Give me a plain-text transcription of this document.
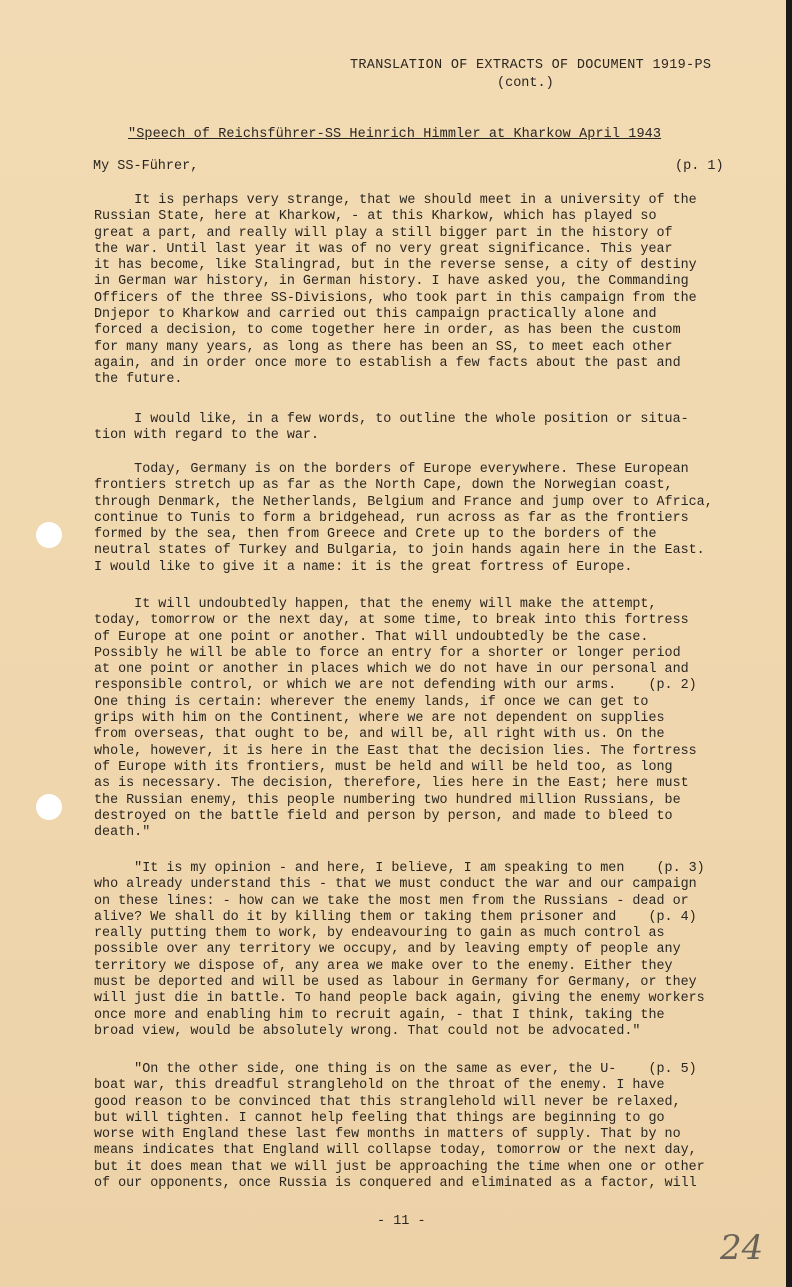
TRANSLATION OF EXTRACTS OF DOCUMENT 1919-PS
(cont.)
"Speech of Reichsführer-SS Heinrich Himmler at Kharkow April 1943
My SS-Führer,	(p. 1)
It is perhaps very strange, that we should meet in a university of the
Russian State, here at Kharkow, - at this Kharkow, which has played so
great a part, and really will play a still bigger part in the history of
the war. Until last year it was of no very great significance. This year
it has become, like Stalingrad, but in the reverse sense, a city of destiny
in German war history, in German history. I have asked you, the Commanding
Officers of the three SS-Divisions, who took part in this campaign from the
Dnjepor to Kharkow and carried out this campaign practically alone and
forced a decision, to come together here in order, as has been the custom
for many many years, as long as there has been an SS, to meet each other
again, and in order once more to establish a few facts about the past and
the future.
I would like, in a few words, to outline the whole position or situa-
tion with regard to the war.
Today, Germany is on the borders of Europe everywhere. These European
frontiers stretch up as far as the North Cape, down the Norwegian coast,
through Denmark, the Netherlands, Belgium and France and jump over to Africa,
continue to Tunis to form a bridgehead, run across as far as the frontiers
formed by the sea, then from Greece and Crete up to the borders of the
neutral states of Turkey and Bulgaria, to join hands again here in the East.
I would like to give it a name: it is the great fortress of Europe.
It will undoubtedly happen, that the enemy will make the attempt,
today, tomorrow or the next day, at some time, to break into this fortress
of Europe at one point or another. That will undoubtedly be the case.
Possibly he will be able to force an entry for a shorter or longer period
at one point or another in places which we do not have in our personal and
responsible control, or which we are not defending with our arms.    (p. 2)
One thing is certain: wherever the enemy lands, if once we can get to
grips with him on the Continent, where we are not dependent on supplies
from overseas, that ought to be, and will be, all right with us. On the
whole, however, it is here in the East that the decision lies. The fortress
of Europe with its frontiers, must be held and will be held too, as long
as is necessary. The decision, therefore, lies here in the East; here must
the Russian enemy, this people numbering two hundred million Russians, be
destroyed on the battle field and person by person, and made to bleed to
death."
"It is my opinion - and here, I believe, I am speaking to men    (p. 3)
who already understand this - that we must conduct the war and our campaign
on these lines: - how can we take the most men from the Russians - dead or
alive? We shall do it by killing them or taking them prisoner and    (p. 4)
really putting them to work, by endeavouring to gain as much control as
possible over any territory we occupy, and by leaving empty of people any
territory we dispose of, any area we make over to the enemy. Either they
must be deported and will be used as labour in Germany for Germany, or they
will just die in battle. To hand people back again, giving the enemy workers
once more and enabling him to recruit again, - that I think, taking the
broad view, would be absolutely wrong. That could not be advocated."
"On the other side, one thing is on the same as ever, the U-    (p. 5)
boat war, this dreadful stranglehold on the throat of the enemy. I have
good reason to be convinced that this stranglehold will never be relaxed,
but will tighten. I cannot help feeling that things are beginning to go
worse with England these last few months in matters of supply. That by no
means indicates that England will collapse today, tomorrow or the next day,
but it does mean that we will just be approaching the time when one or other
of our opponents, once Russia is conquered and eliminated as a factor, will
- 11 -
24
